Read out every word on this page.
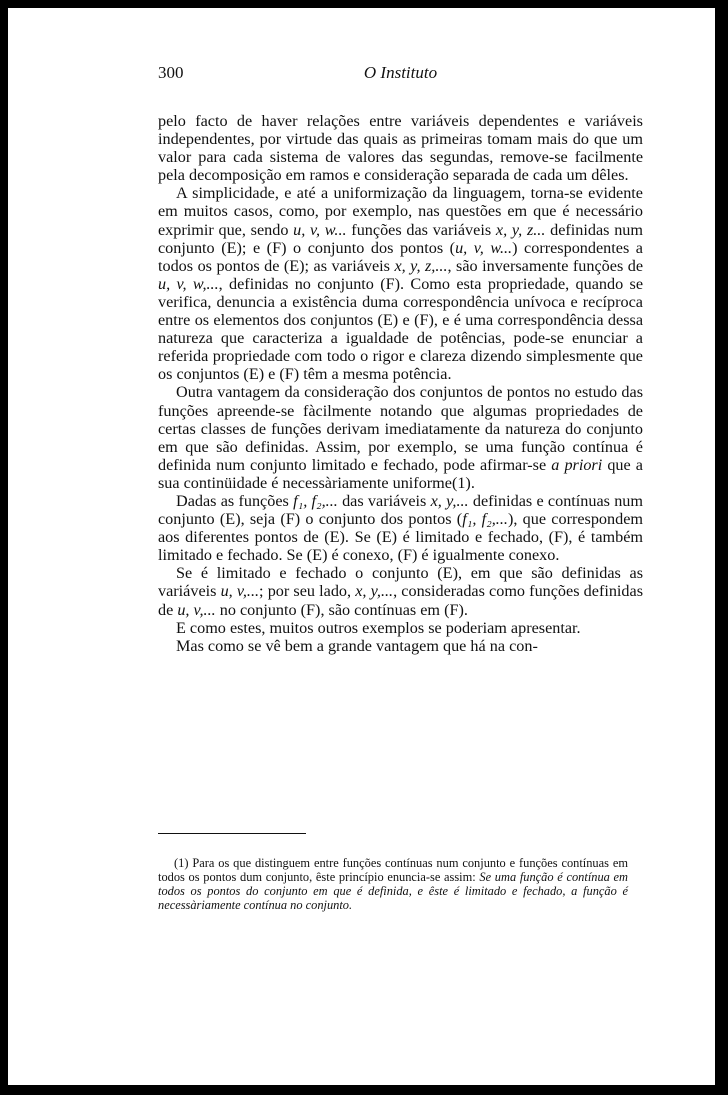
300	O Instituto

pelo facto de haver relações entre variáveis dependentes e variáveis independentes, por virtude das quais as primeiras tomam mais do que um valor para cada sistema de valores das segundas, remove-se facilmente pela decomposição em ramos e consideração separada de cada um dêles.

A simplicidade, e até a uniformização da linguagem, torna-se evidente em muitos casos, como, por exemplo, nas questões em que é necessário exprimir que, sendo u, v, w... funções das variáveis x, y, z... definidas num conjunto (E); e (F) o conjunto dos pontos (u, v, w...) correspondentes a todos os pontos de (E); as variáveis x, y, z,..., são inversamente funções de u, v, w,..., definidas no conjunto (F). Como esta propriedade, quando se verifica, denuncia a existência duma correspondência unívoca e recíproca entre os elementos dos conjuntos (E) e (F), e é uma correspondência dessa natureza que caracteriza a igualdade de potências, pode-se enunciar a referida propriedade com todo o rigor e clareza dizendo simplesmente que os conjuntos (E) e (F) têm a mesma potência.

Outra vantagem da consideração dos conjuntos de pontos no estudo das funções apreende-se fàcilmente notando que algumas propriedades de certas classes de funções derivam imediatamente da natureza do conjunto em que são definidas. Assim, por exemplo, se uma função contínua é definida num conjunto limitado e fechado, pode afirmar-se a priori que a sua continüidade é necessàriamente uniforme(1).

Dadas as funções f₁, f₂,... das variáveis x, y,... definidas e contínuas num conjunto (E), seja (F) o conjunto dos pontos (f₁, f₂,...), que correspondem aos diferentes pontos de (E). Se (E) é limitado e fechado, (F), é também limitado e fechado. Se (E) é conexo, (F) é igualmente conexo.

Se é limitado e fechado o conjunto (E), em que são definidas as variáveis u, v,...; por seu lado, x, y,..., consideradas como funções definidas de u, v,... no conjunto (F), são contínuas em (F).

E como estes, muitos outros exemplos se poderiam apresentar.

Mas como se vê bem a grande vantagem que há na con-

(1) Para os que distinguem entre funções contínuas num conjunto e funções contínuas em todos os pontos dum conjunto, êste princípio enuncia-se assim: Se uma função é contínua em todos os pontos do conjunto em que é definida, e êste é limitado e fechado, a função é necessàriamente contínua no conjunto.
